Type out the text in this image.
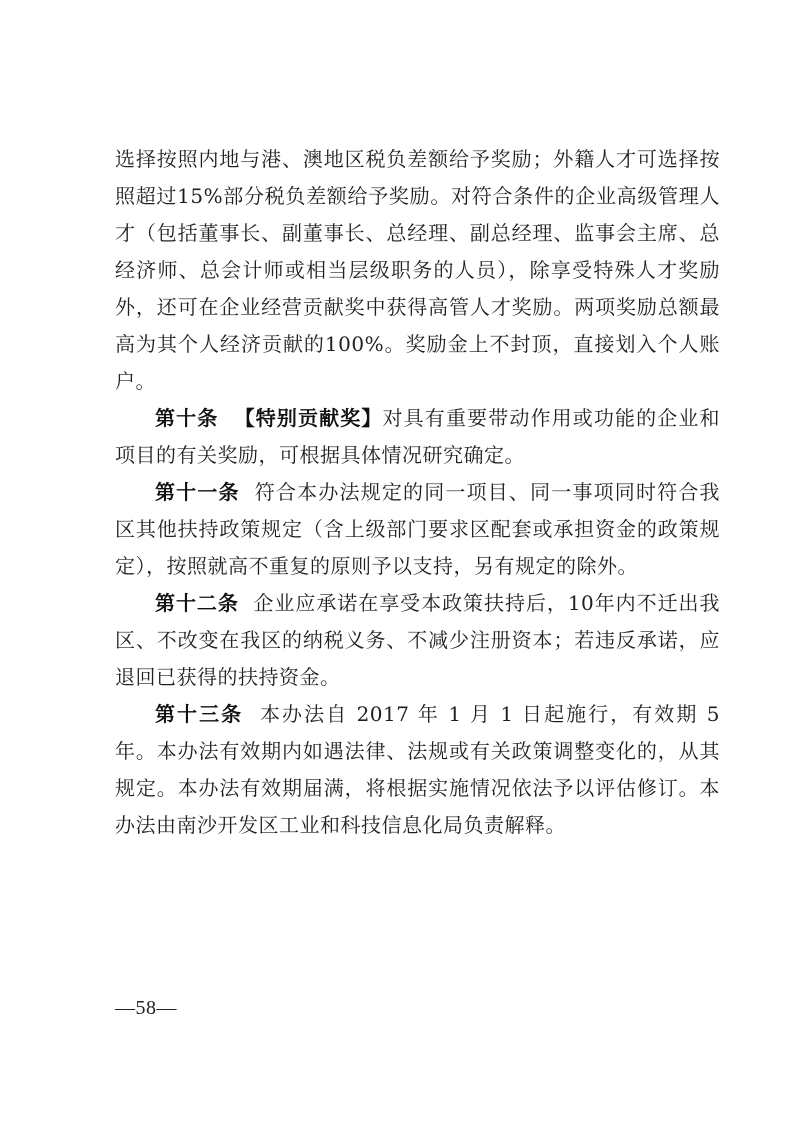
选择按照内地与港、澳地区税负差额给予奖励；外籍人才可选择按照超过15%部分税负差额给予奖励。对符合条件的企业高级管理人才（包括董事长、副董事长、总经理、副总经理、监事会主席、总经济师、总会计师或相当层级职务的人员），除享受特殊人才奖励外，还可在企业经营贡献奖中获得高管人才奖励。两项奖励总额最高为其个人经济贡献的100%。奖励金上不封顶，直接划入个人账户。

第十条 【特别贡献奖】对具有重要带动作用或功能的企业和项目的有关奖励，可根据具体情况研究确定。

第十一条 符合本办法规定的同一项目、同一事项同时符合我区其他扶持政策规定（含上级部门要求区配套或承担资金的政策规定），按照就高不重复的原则予以支持，另有规定的除外。

第十二条 企业应承诺在享受本政策扶持后，10年内不迁出我区、不改变在我区的纳税义务、不减少注册资本；若违反承诺，应退回已获得的扶持资金。

第十三条 本办法自 2017 年 1 月 1 日起施行，有效期 5 年。本办法有效期内如遇法律、法规或有关政策调整变化的，从其规定。本办法有效期届满，将根据实施情况依法予以评估修订。本办法由南沙开发区工业和科技信息化局负责解释。

—58—
